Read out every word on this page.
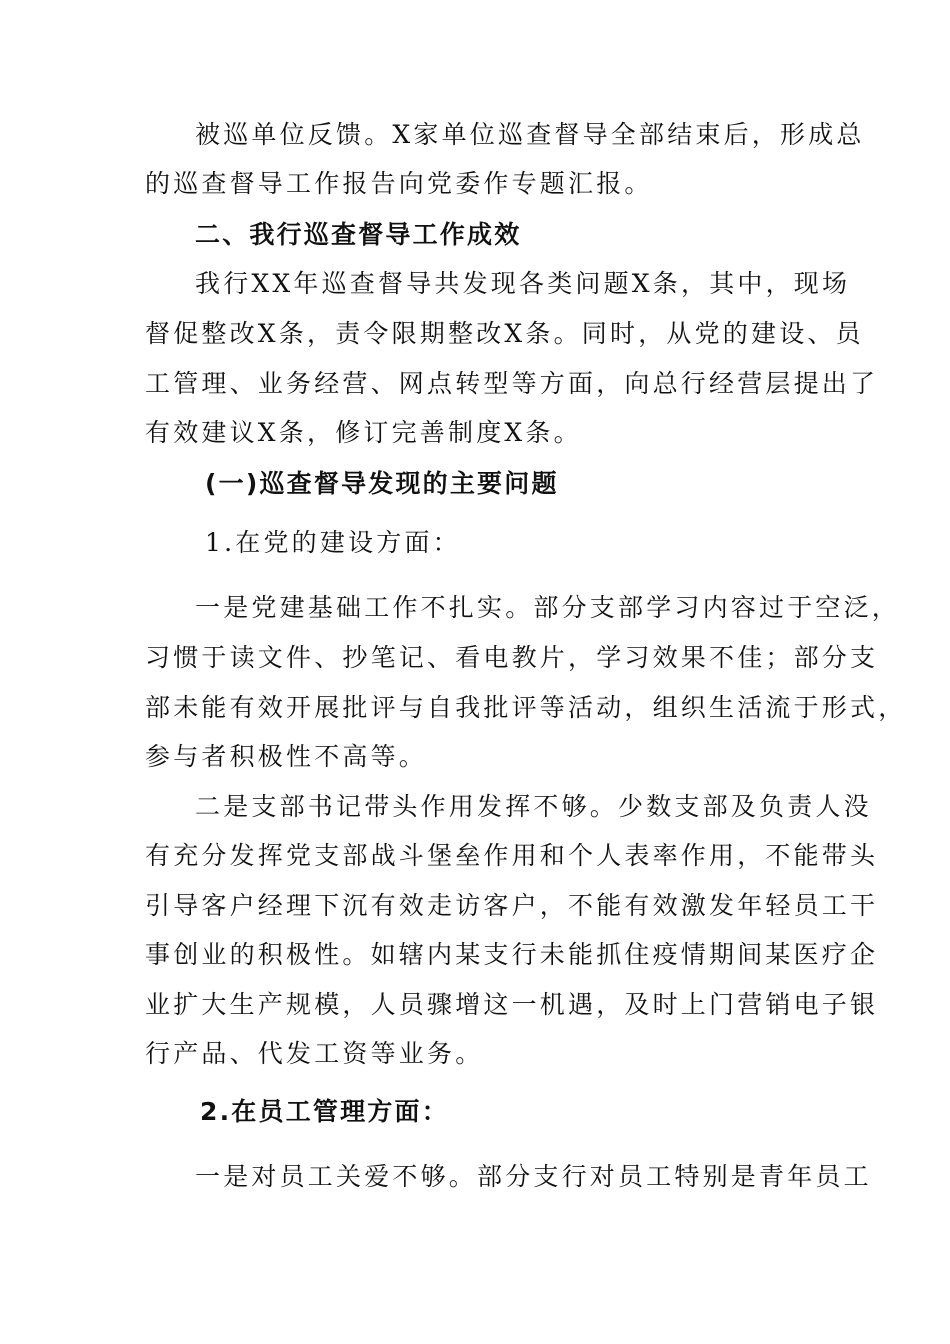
被巡单位反馈。X家单位巡查督导全部结束后，形成总
的巡查督导工作报告向党委作专题汇报。
二、我行巡查督导工作成效
我行XX年巡查督导共发现各类问题X条，其中，现场
督促整改X条，责令限期整改X条。同时，从党的建设、员
工管理、业务经营、网点转型等方面，向总行经营层提出了
有效建议X条，修订完善制度X条。
(一)巡查督导发现的主要问题
1.在党的建设方面：
一是党建基础工作不扎实。部分支部学习内容过于空泛，
习惯于读文件、抄笔记、看电教片，学习效果不佳；部分支
部未能有效开展批评与自我批评等活动，组织生活流于形式，
参与者积极性不高等。
二是支部书记带头作用发挥不够。少数支部及负责人没
有充分发挥党支部战斗堡垒作用和个人表率作用，不能带头
引导客户经理下沉有效走访客户，不能有效激发年轻员工干
事创业的积极性。如辖内某支行未能抓住疫情期间某医疗企
业扩大生产规模，人员骤增这一机遇，及时上门营销电子银
行产品、代发工资等业务。
2.在员工管理方面：
一是对员工关爱不够。部分支行对员工特别是青年员工
